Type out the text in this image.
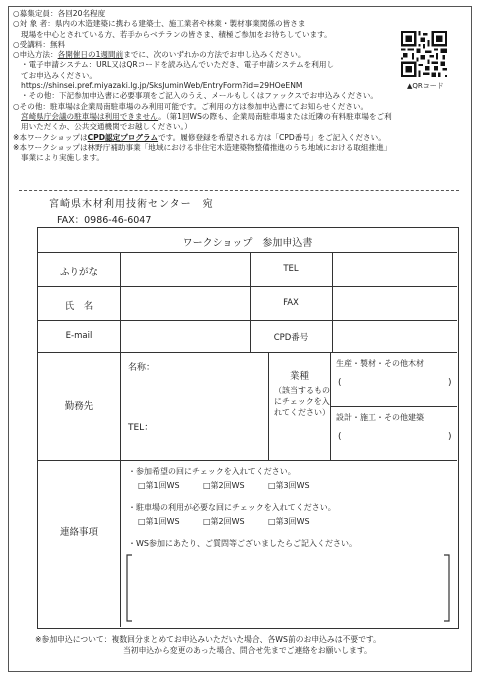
○募集定員：各回20名程度
○対 象 者：県内の木造建築に携わる建築士、施工業者や林業・製材事業関係の皆さま
現場を中心とされている方、若手からベテランの皆さま、積極ご参加をお待ちしています。
○受講料：無料
○申込方法：各開催日の1週間前までに、次のいずれかの方法でお申し込みください。
・電子申請システム：URL又はQRコードを読み込んでいただき、電子申請システムを利用し
てお申込みください。
https://shinsei.pref.miyazaki.lg.jp/SksJuminWeb/EntryForm?id=29HOeENM
・その他：下記参加申込書に必要事項をご記入のうえ、メールもしくはファックスでお申込みください。
○その他：駐車場は企業局南駐車場のみ利用可能です。ご利用の方は参加申込書にてお知らせください。
宮崎県庁会議の駐車場は利用できません。（第1回WSの際も、企業局南駐車場または近隣の有料駐車場をご利
用いただくか、公共交通機関でお越しください。）
※本ワークショップはCPD認定プログラムです。履修登録を希望される方は「CPD番号」をご記入ください。
※本ワークショップは林野庁補助事業「地域における非住宅木造建築物整備推進のうち地域における取組推進」
事業により実施します。
▲QRコード
宮崎県木材利用技術センター　宛
FAX：0986-46-6047
ワークショップ　参加申込書
ふりがな	TEL
氏　名	FAX
E-mail	CPD番号
勤務先
名称：
TEL：
業種
（該当するもの
にチェックを入
れてください）
生産・製材・その他木材
(	)
設計・施工・その他建築
(	)
連絡事項
・参加希望の回にチェックを入れてください。
□第1回WS	□第2回WS	□第3回WS
・駐車場の利用が必要な回にチェックを入れてください。
□第1回WS	□第2回WS	□第3回WS
・WS参加にあたり、ご質問等ございましたらご記入ください。
※参加申込について：複数回分まとめてお申込みいただいた場合、各WS前のお申込みは不要です。
当初申込から変更のあった場合、問合せ先までご連絡をお願いします。
